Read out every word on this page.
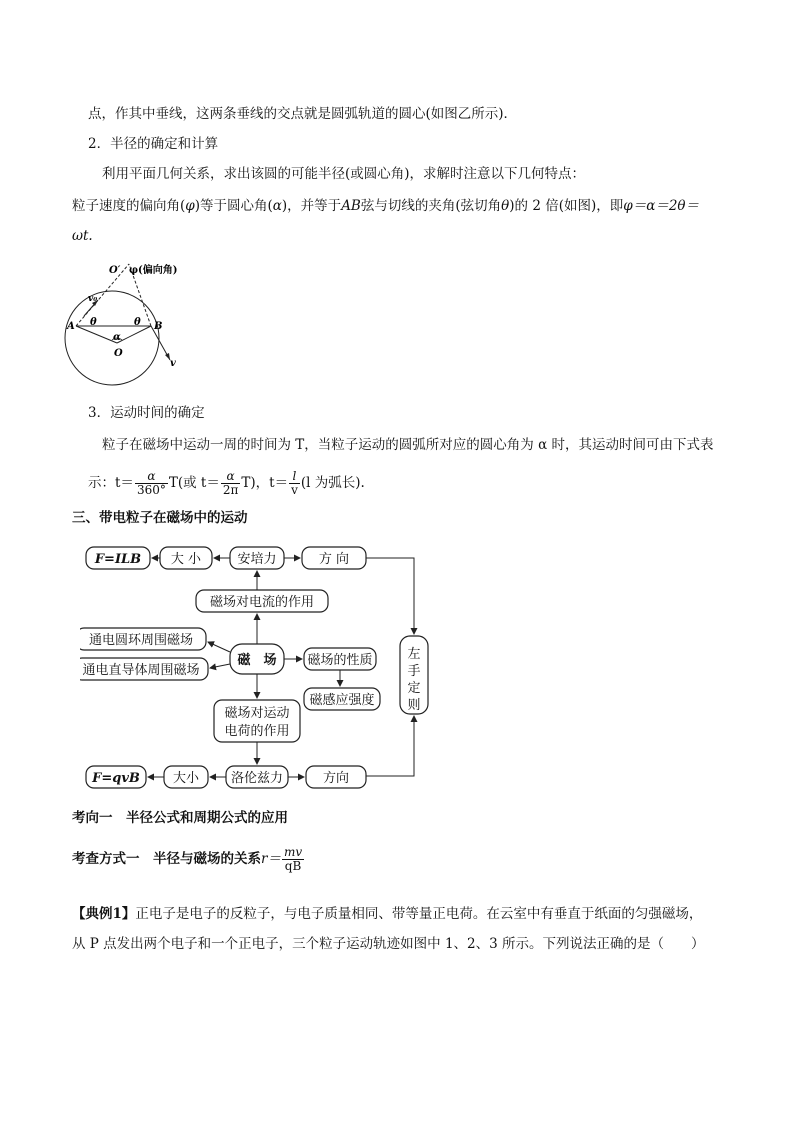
点，作其中垂线，这两条垂线的交点就是圆弧轨道的圆心(如图乙所示)．
2．半径的确定和计算
利用平面几何关系，求出该圆的可能半径(或圆心角)，求解时注意以下几何特点：
粒子速度的偏向角(φ)等于圆心角(α)，并等于AB弦与切线的夹角(弦切角θ)的 2 倍(如图)，即φ＝α＝2θ＝
ωt.
O′ φ(偏向角)
v₀
A	B
θ	θ
α
O
v
3．运动时间的确定
粒子在磁场中运动一周的时间为 T，当粒子运动的圆弧所对应的圆心角为 α 时，其运动时间可由下式表
示：$t= \frac{\alpha}{360^\circ} T$(或 $t= \frac{\alpha}{2\pi} T$)，$t= \frac{l}{v} (l$ 为弧长).
三、带电粒子在磁场中的运动
F=ILB 大 小	安培力	方 向
磁场对电流的作用
通电圆环周围磁场
通电直导体周围磁场
磁　场 磁场的性质
磁感应强度
左
手
定
则
磁场对运动
电荷的作用
F=qvB	大小 洛伦兹力	方向
考向一　半径公式和周期公式的应用
考查方式一　半径与磁场的关系$r= \frac{mv}{qB}$
【典例1】正电子是电子的反粒子，与电子质量相同、带等量正电荷。在云室中有垂直于纸面的匀强磁场，
从 P 点发出两个电子和一个正电子，三个粒子运动轨迹如图中 1、2、3 所示。下列说法正确的是（　　）
